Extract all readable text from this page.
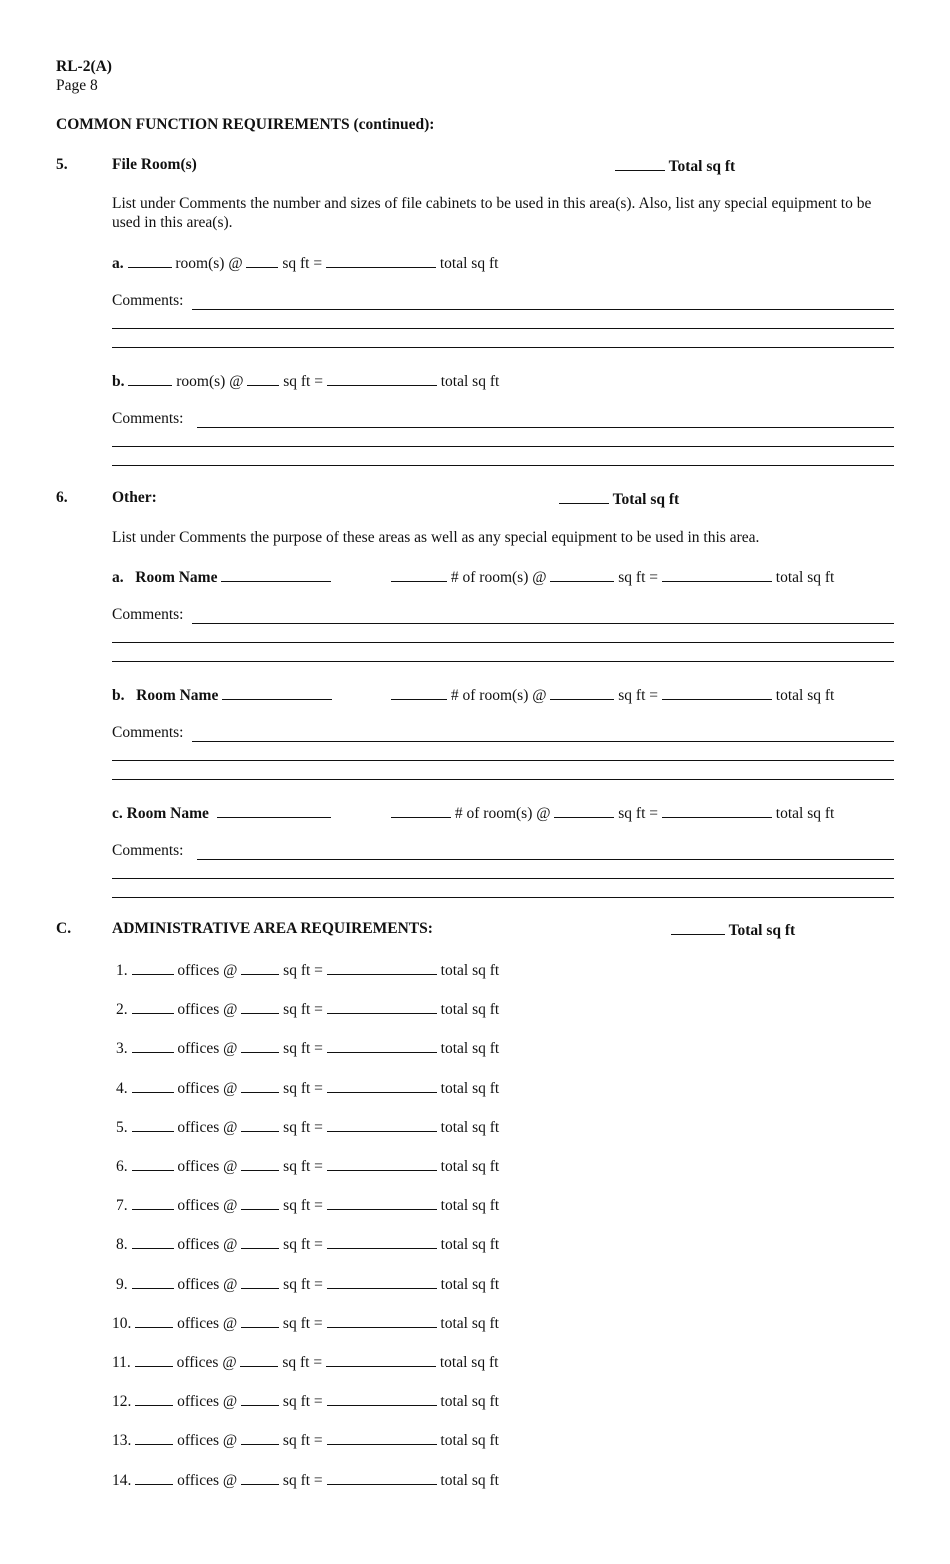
RL-2(A)
Page 8
COMMON FUNCTION REQUIREMENTS (continued):
5.	File Room(s)	Total sq ft
List under Comments the number and sizes of file cabinets to be used in this area(s). Also, list any special equipment to be used in this area(s).
a.	room(s) @	sq ft =	total sq ft
Comments:
b.	room(s) @	sq ft =	total sq ft
Comments:
6.	Other:	Total sq ft
List under Comments the purpose of these areas as well as any special equipment to be used in this area.
a. Room Name	# of room(s) @	sq ft =	total sq ft
Comments:
b. Room Name	# of room(s) @	sq ft =	total sq ft
Comments:
c. Room Name	# of room(s) @	sq ft =	total sq ft
Comments:
C.	ADMINISTRATIVE AREA REQUIREMENTS:	Total sq ft
1.	offices @	sq ft =	total sq ft
2.	offices @	sq ft =	total sq ft
3.	offices @	sq ft =	total sq ft
4.	offices @	sq ft =	total sq ft
5.	offices @	sq ft =	total sq ft
6.	offices @	sq ft =	total sq ft
7.	offices @	sq ft =	total sq ft
8.	offices @	sq ft =	total sq ft
9.	offices @	sq ft =	total sq ft
10.	offices @	sq ft =	total sq ft
11.	offices @	sq ft =	total sq ft
12.	offices @	sq ft =	total sq ft
13.	offices @	sq ft =	total sq ft
14.	offices @	sq ft =	total sq ft
